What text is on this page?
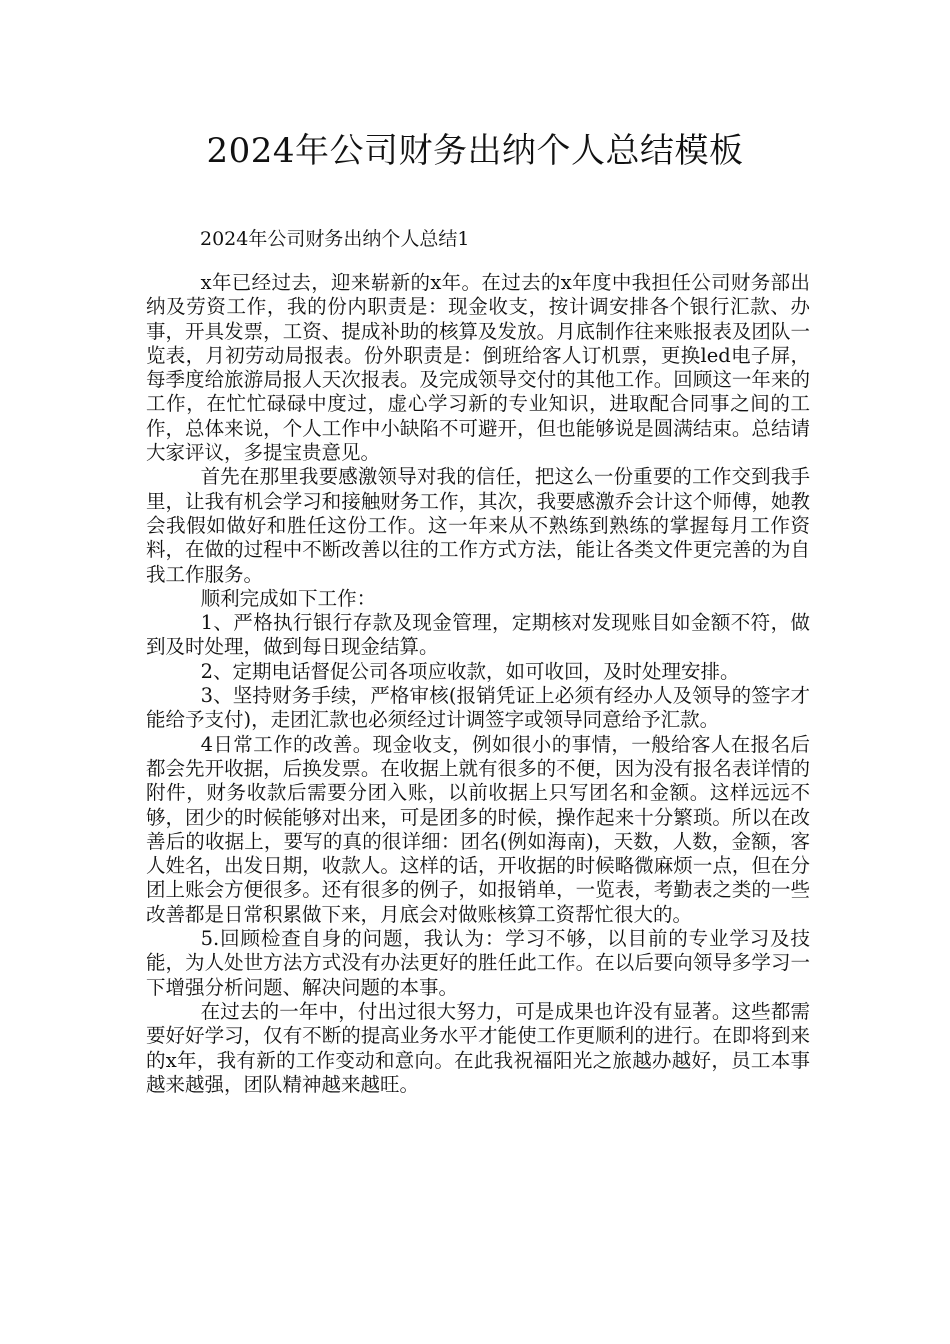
2024年公司财务出纳个人总结模板
2024年公司财务出纳个人总结1

x年已经过去，迎来崭新的x年。在过去的x年度中我担任公司财务部出纳及劳资工作，我的份内职责是：现金收支，按计调安排各个银行汇款、办事，开具发票，工资、提成补助的核算及发放。月底制作往来账报表及团队一览表，月初劳动局报表。份外职责是：倒班给客人订机票，更换led电子屏，每季度给旅游局报人天次报表。及完成领导交付的其他工作。回顾这一年来的工作，在忙忙碌碌中度过，虚心学习新的专业知识，进取配合同事之间的工作，总体来说，个人工作中小缺陷不可避开，但也能够说是圆满结束。总结请大家评议，多提宝贵意见。

首先在那里我要感激领导对我的信任，把这么一份重要的工作交到我手里，让我有机会学习和接触财务工作，其次，我要感激乔会计这个师傅，她教会我假如做好和胜任这份工作。这一年来从不熟练到熟练的掌握每月工作资料，在做的过程中不断改善以往的工作方式方法，能让各类文件更完善的为自我工作服务。

顺利完成如下工作：

1、严格执行银行存款及现金管理，定期核对发现账目如金额不符，做到及时处理，做到每日现金结算。

2、定期电话督促公司各项应收款，如可收回，及时处理安排。

3、坚持财务手续，严格审核(报销凭证上必须有经办人及领导的签字才能给予支付)，走团汇款也必须经过计调签字或领导同意给予汇款。

4日常工作的改善。现金收支，例如很小的事情，一般给客人在报名后都会先开收据，后换发票。在收据上就有很多的不便，因为没有报名表详情的附件，财务收款后需要分团入账，以前收据上只写团名和金额。这样远远不够，团少的时候能够对出来，可是团多的时候，操作起来十分繁琐。所以在改善后的收据上，要写的真的很详细：团名(例如海南)，天数，人数，金额，客人姓名，出发日期，收款人。这样的话，开收据的时候略微麻烦一点，但在分团上账会方便很多。还有很多的例子，如报销单，一览表，考勤表之类的一些改善都是日常积累做下来，月底会对做账核算工资帮忙很大的。

5.回顾检查自身的问题，我认为：学习不够，以目前的专业学习及技能，为人处世方法方式没有办法更好的胜任此工作。在以后要向领导多学习一下增强分析问题、解决问题的本事。

在过去的一年中，付出过很大努力，可是成果也许没有显著。这些都需要好好学习，仅有不断的提高业务水平才能使工作更顺利的进行。在即将到来的x年，我有新的工作变动和意向。在此我祝福阳光之旅越办越好，员工本事越来越强，团队精神越来越旺。
